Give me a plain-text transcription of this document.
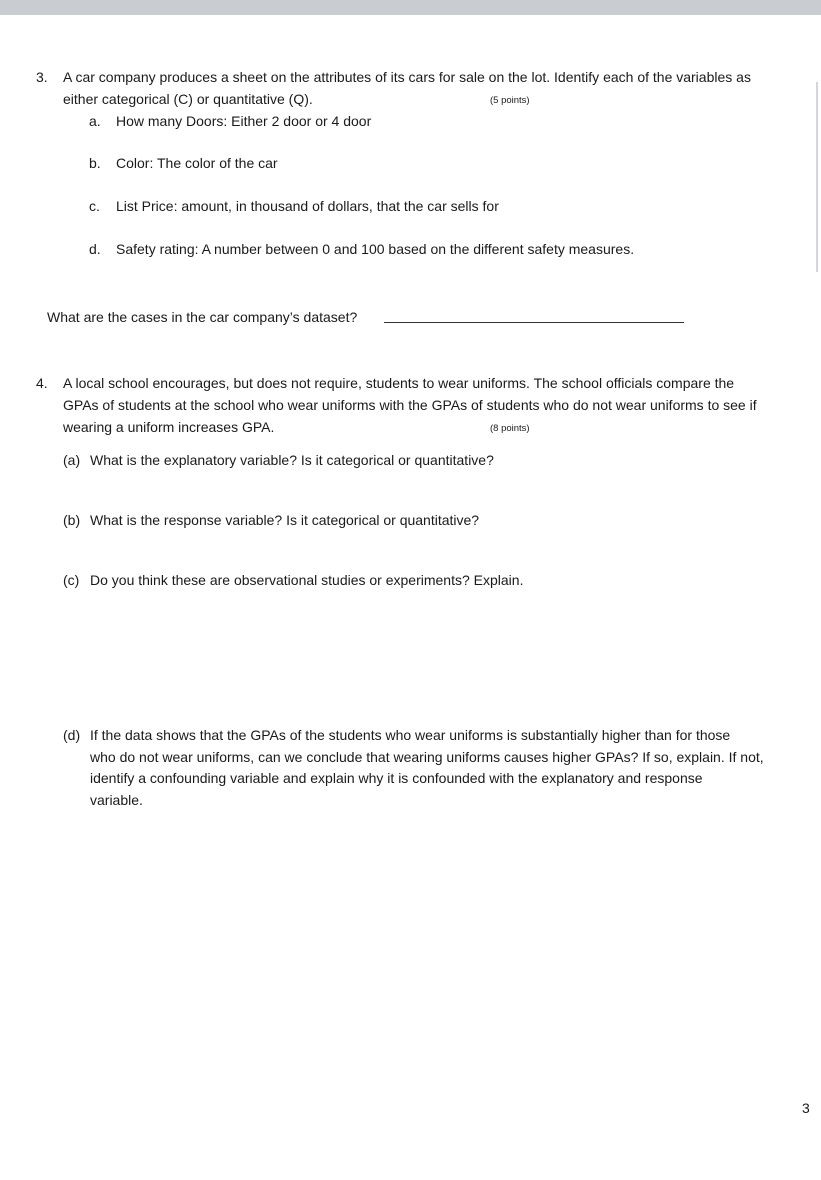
3. A car company produces a sheet on the attributes of its cars for sale on the lot. Identify each of the variables as
either categorical (C) or quantitative (Q).	(5 points)
a. How many Doors: Either 2 door or 4 door
b. Color: The color of the car
c. List Price: amount, in thousand of dollars, that the car sells for
d. Safety rating: A number between 0 and 100 based on the different safety measures.
What are the cases in the car company’s dataset?
4. A local school encourages, but does not require, students to wear uniforms. The school officials compare the
GPAs of students at the school who wear uniforms with the GPAs of students who do not wear uniforms to see if
wearing a uniform increases GPA.	(8 points)
(a) What is the explanatory variable? Is it categorical or quantitative?
(b) What is the response variable? Is it categorical or quantitative?
(c) Do you think these are observational studies or experiments? Explain.
(d) If the data shows that the GPAs of the students who wear uniforms is substantially higher than for those
who do not wear uniforms, can we conclude that wearing uniforms causes higher GPAs? If so, explain. If not,
identify a confounding variable and explain why it is confounded with the explanatory and response
variable.
3
